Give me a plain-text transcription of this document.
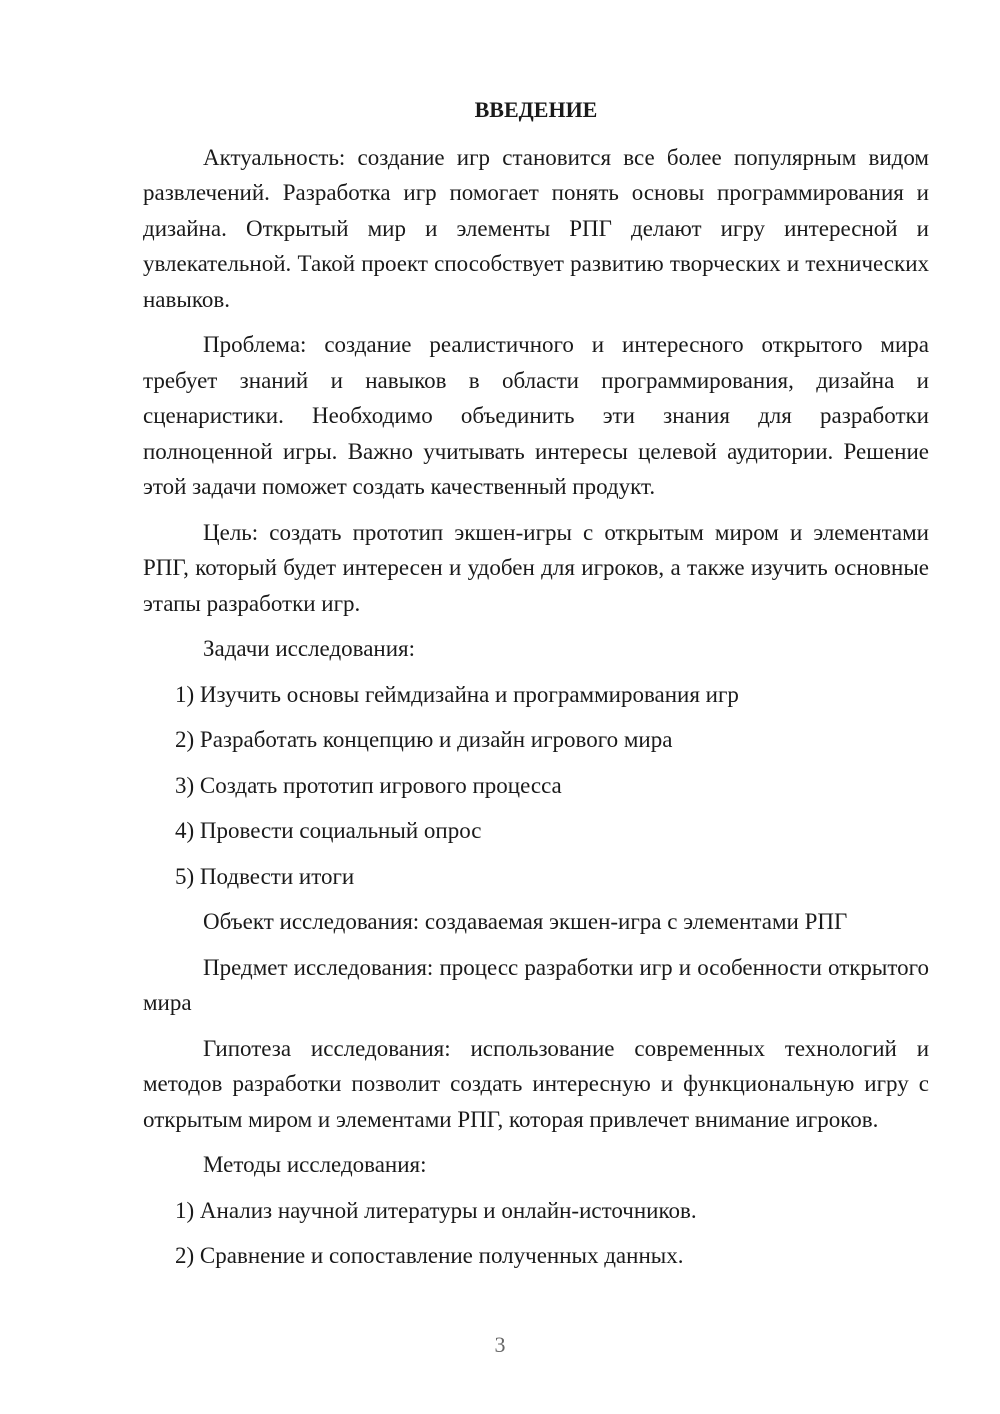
ВВЕДЕНИЕ
Актуальность: создание игр становится все более популярным видом развлечений. Разработка игр помогает понять основы программирования и дизайна. Открытый мир и элементы РПГ делают игру интересной и увлекательной. Такой проект способствует развитию творческих и технических навыков.
Проблема: создание реалистичного и интересного открытого мира требует знаний и навыков в области программирования, дизайна и сценаристики. Необходимо объединить эти знания для разработки полноценной игры. Важно учитывать интересы целевой аудитории. Решение этой задачи поможет создать качественный продукт.
Цель: создать прототип экшен-игры с открытым миром и элементами РПГ, который будет интересен и удобен для игроков, а также изучить основные этапы разработки игр.
Задачи исследования:
1) Изучить основы геймдизайна и программирования игр
2) Разработать концепцию и дизайн игрового мира
3) Создать прототип игрового процесса
4) Провести социальный опрос
5) Подвести итоги
Объект исследования: создаваемая экшен-игра с элементами РПГ
Предмет исследования: процесс разработки игр и особенности открытого мира
Гипотеза исследования: использование современных технологий и методов разработки позволит создать интересную и функциональную игру с открытым миром и элементами РПГ, которая привлечет внимание игроков.
Методы исследования:
1) Анализ научной литературы и онлайн-источников.
2) Сравнение и сопоставление полученных данных.
3
